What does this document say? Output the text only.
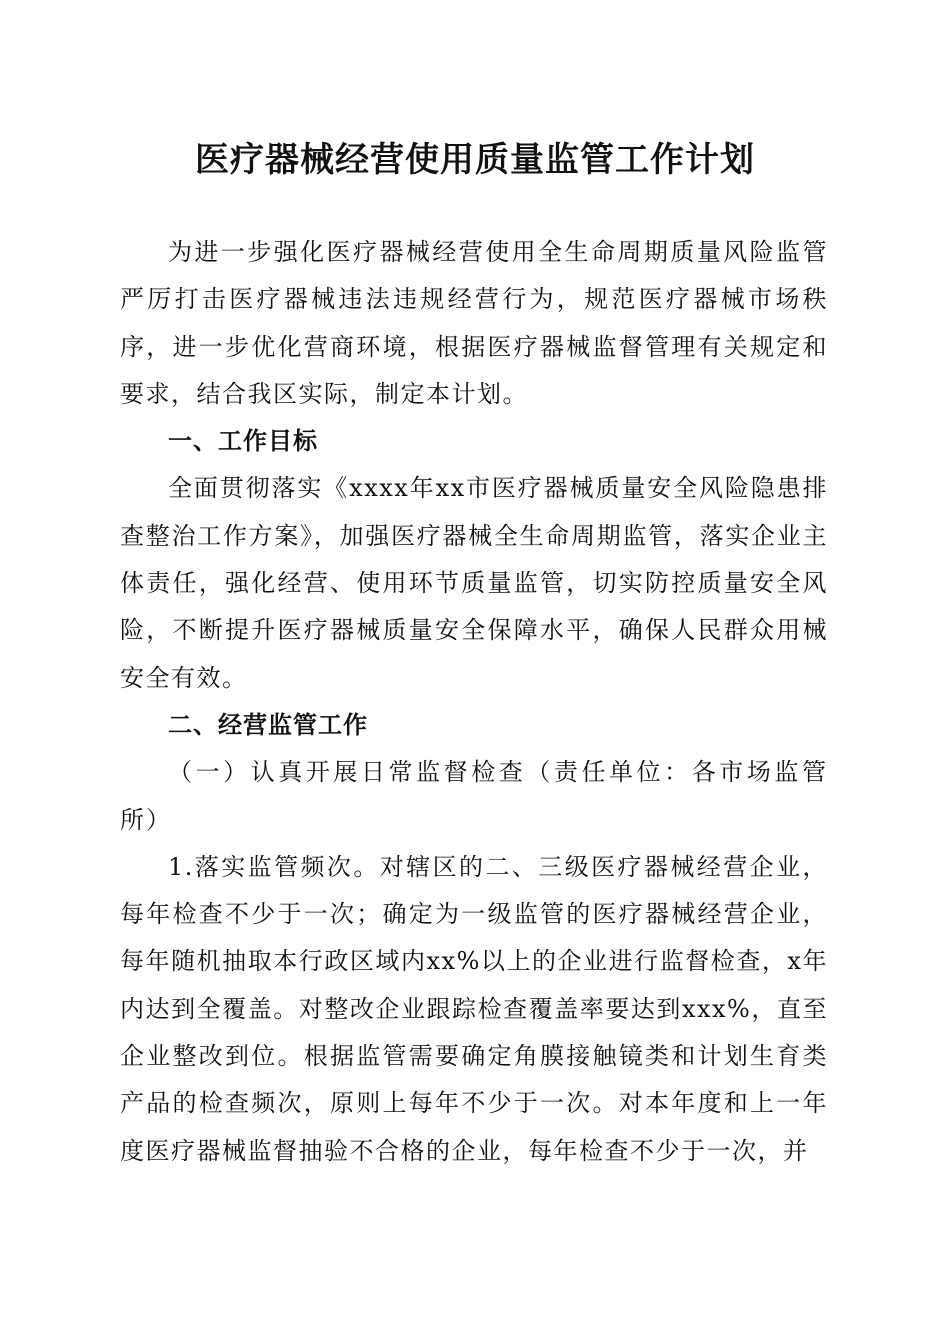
医疗器械经营使用质量监管工作计划

为进一步强化医疗器械经营使用全生命周期质量风险监管严厉打击医疗器械违法违规经营行为，规范医疗器械市场秩序，进一步优化营商环境，根据医疗器械监督管理有关规定和要求，结合我区实际，制定本计划。

一、工作目标

全面贯彻落实《xxxx年xx市医疗器械质量安全风险隐患排查整治工作方案》，加强医疗器械全生命周期监管，落实企业主体责任，强化经营、使用环节质量监管，切实防控质量安全风险，不断提升医疗器械质量安全保障水平，确保人民群众用械安全有效。

二、经营监管工作

（一）认真开展日常监督检查（责任单位：各市场监管所）

1.落实监管频次。对辖区的二、三级医疗器械经营企业，每年检查不少于一次；确定为一级监管的医疗器械经营企业，每年随机抽取本行政区域内xx%以上的企业进行监督检查，x年内达到全覆盖。对整改企业跟踪检查覆盖率要达到xxx%，直至企业整改到位。根据监管需要确定角膜接触镜类和计划生育类产品的检查频次，原则上每年不少于一次。对本年度和上一年度医疗器械监督抽验不合格的企业，每年检查不少于一次，并
